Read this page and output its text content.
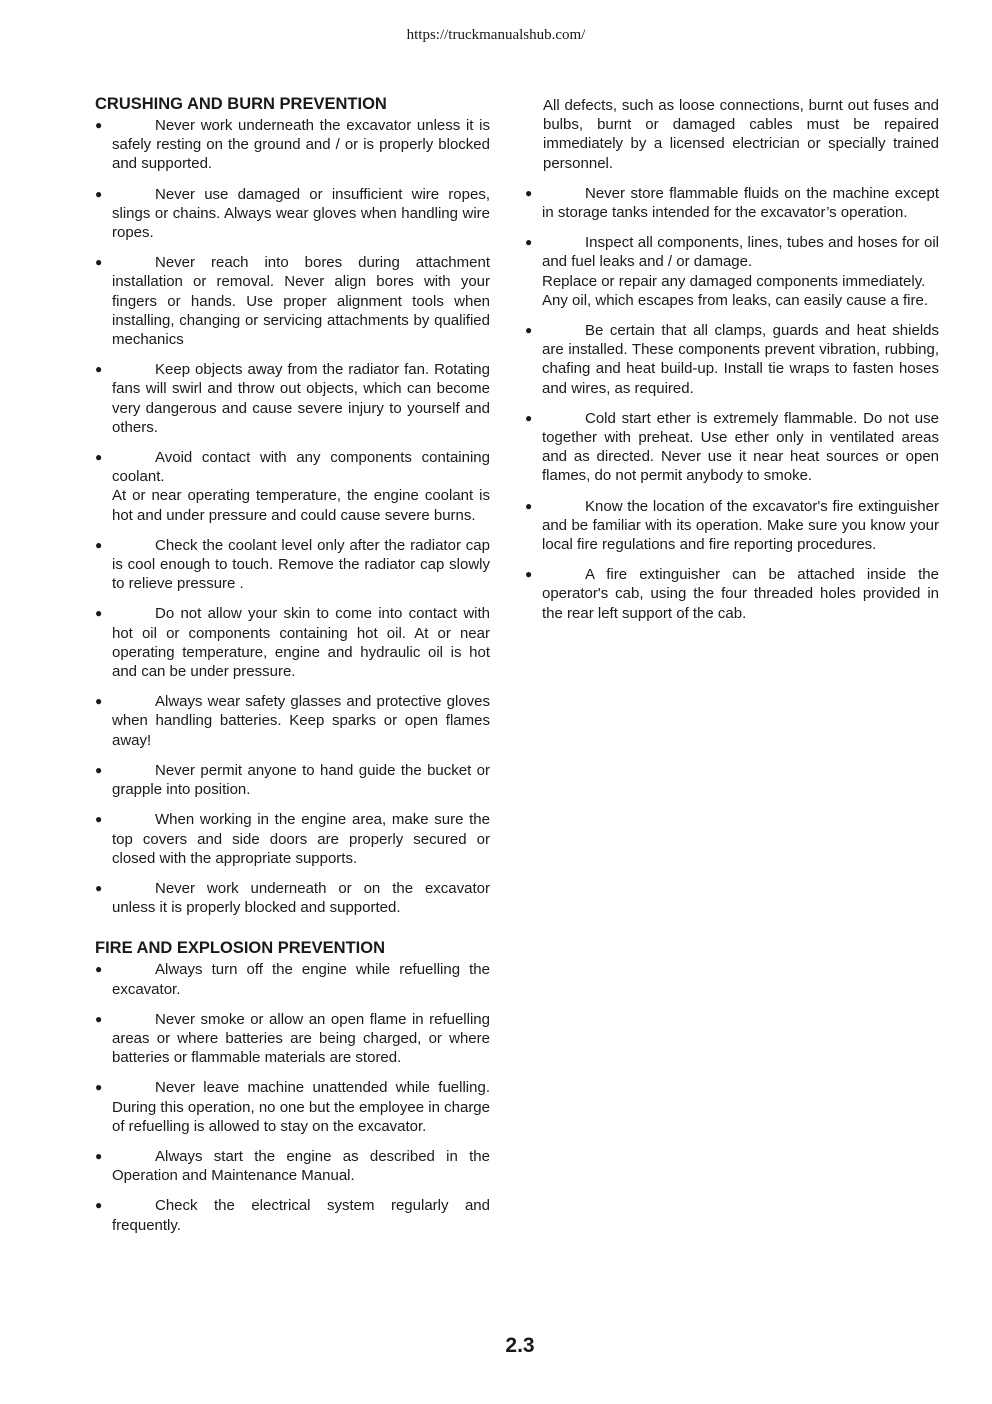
https://truckmanualshub.com/
CRUSHING AND BURN PREVENTION
●	Never work underneath the excavator unless it is safely resting on the ground and / or is properly blocked and supported.
●	Never use damaged or insufficient wire ropes, slings or chains. Always wear gloves when handling wire ropes.
●	Never reach into bores during attachment installation or removal. Never align bores with your fingers or hands. Use proper alignment tools when installing, changing or servicing attachments by qualified mechanics
●	Keep objects away from the radiator fan. Rotating fans will swirl and throw out objects, which can become very dangerous and cause severe injury to yourself and others.
●	Avoid contact with any components containing coolant.
At or near operating temperature, the engine coolant is hot and under pressure and could cause severe burns.
●	Check the coolant level only after the radiator cap is cool enough to touch. Remove the radiator cap slowly to relieve pressure .
●	Do not allow your skin to come into contact with hot oil or components containing hot oil. At or near operating temperature, engine and hydraulic oil is hot and can be under pressure.
●	Always wear safety glasses and protective gloves when handling batteries. Keep sparks or open flames away!
●	Never permit anyone to hand guide the bucket or grapple into position.
●	When working in the engine area, make sure the top covers and side doors are properly secured or closed with the appropriate supports.
●	Never work underneath or on the excavator unless it is properly blocked and supported.
FIRE AND EXPLOSION PREVENTION
●	Always turn off the engine while refuelling the excavator.
●	Never smoke or allow an open flame in refuelling areas or where batteries are being charged, or where batteries or flammable materials are stored.
●	Never leave machine unattended while fuelling. During this operation, no one but the employee in charge of refuelling is allowed to stay on the excavator.
●	Always start the engine as described in the Operation and Maintenance Manual.
●	Check the electrical system regularly and frequently.
All defects, such as loose connections, burnt out fuses and bulbs, burnt or damaged cables must be repaired immediately by a licensed electrician or specially trained personnel.
●	Never store flammable fluids on the machine except in storage tanks intended for the excavator’s operation.
●	Inspect all components, lines, tubes and hoses for oil and fuel leaks and / or damage.
Replace or repair any damaged components immediately.
Any oil, which escapes from leaks, can easily cause a fire.
●	Be certain that all clamps, guards and heat shields are installed. These components prevent vibration, rubbing, chafing and heat build-up. Install tie wraps to fasten hoses and wires, as required.
●	Cold start ether is extremely flammable. Do not use together with preheat. Use ether only in ventilated areas and as directed. Never use it near heat sources or open flames, do not permit anybody to smoke.
●	Know the location of the excavator's fire extinguisher and be familiar with its operation. Make sure you know your local fire regulations and fire reporting procedures.
●	A fire extinguisher can be attached inside the operator's cab, using the four threaded holes provided in the rear left support of the cab.
2.3
